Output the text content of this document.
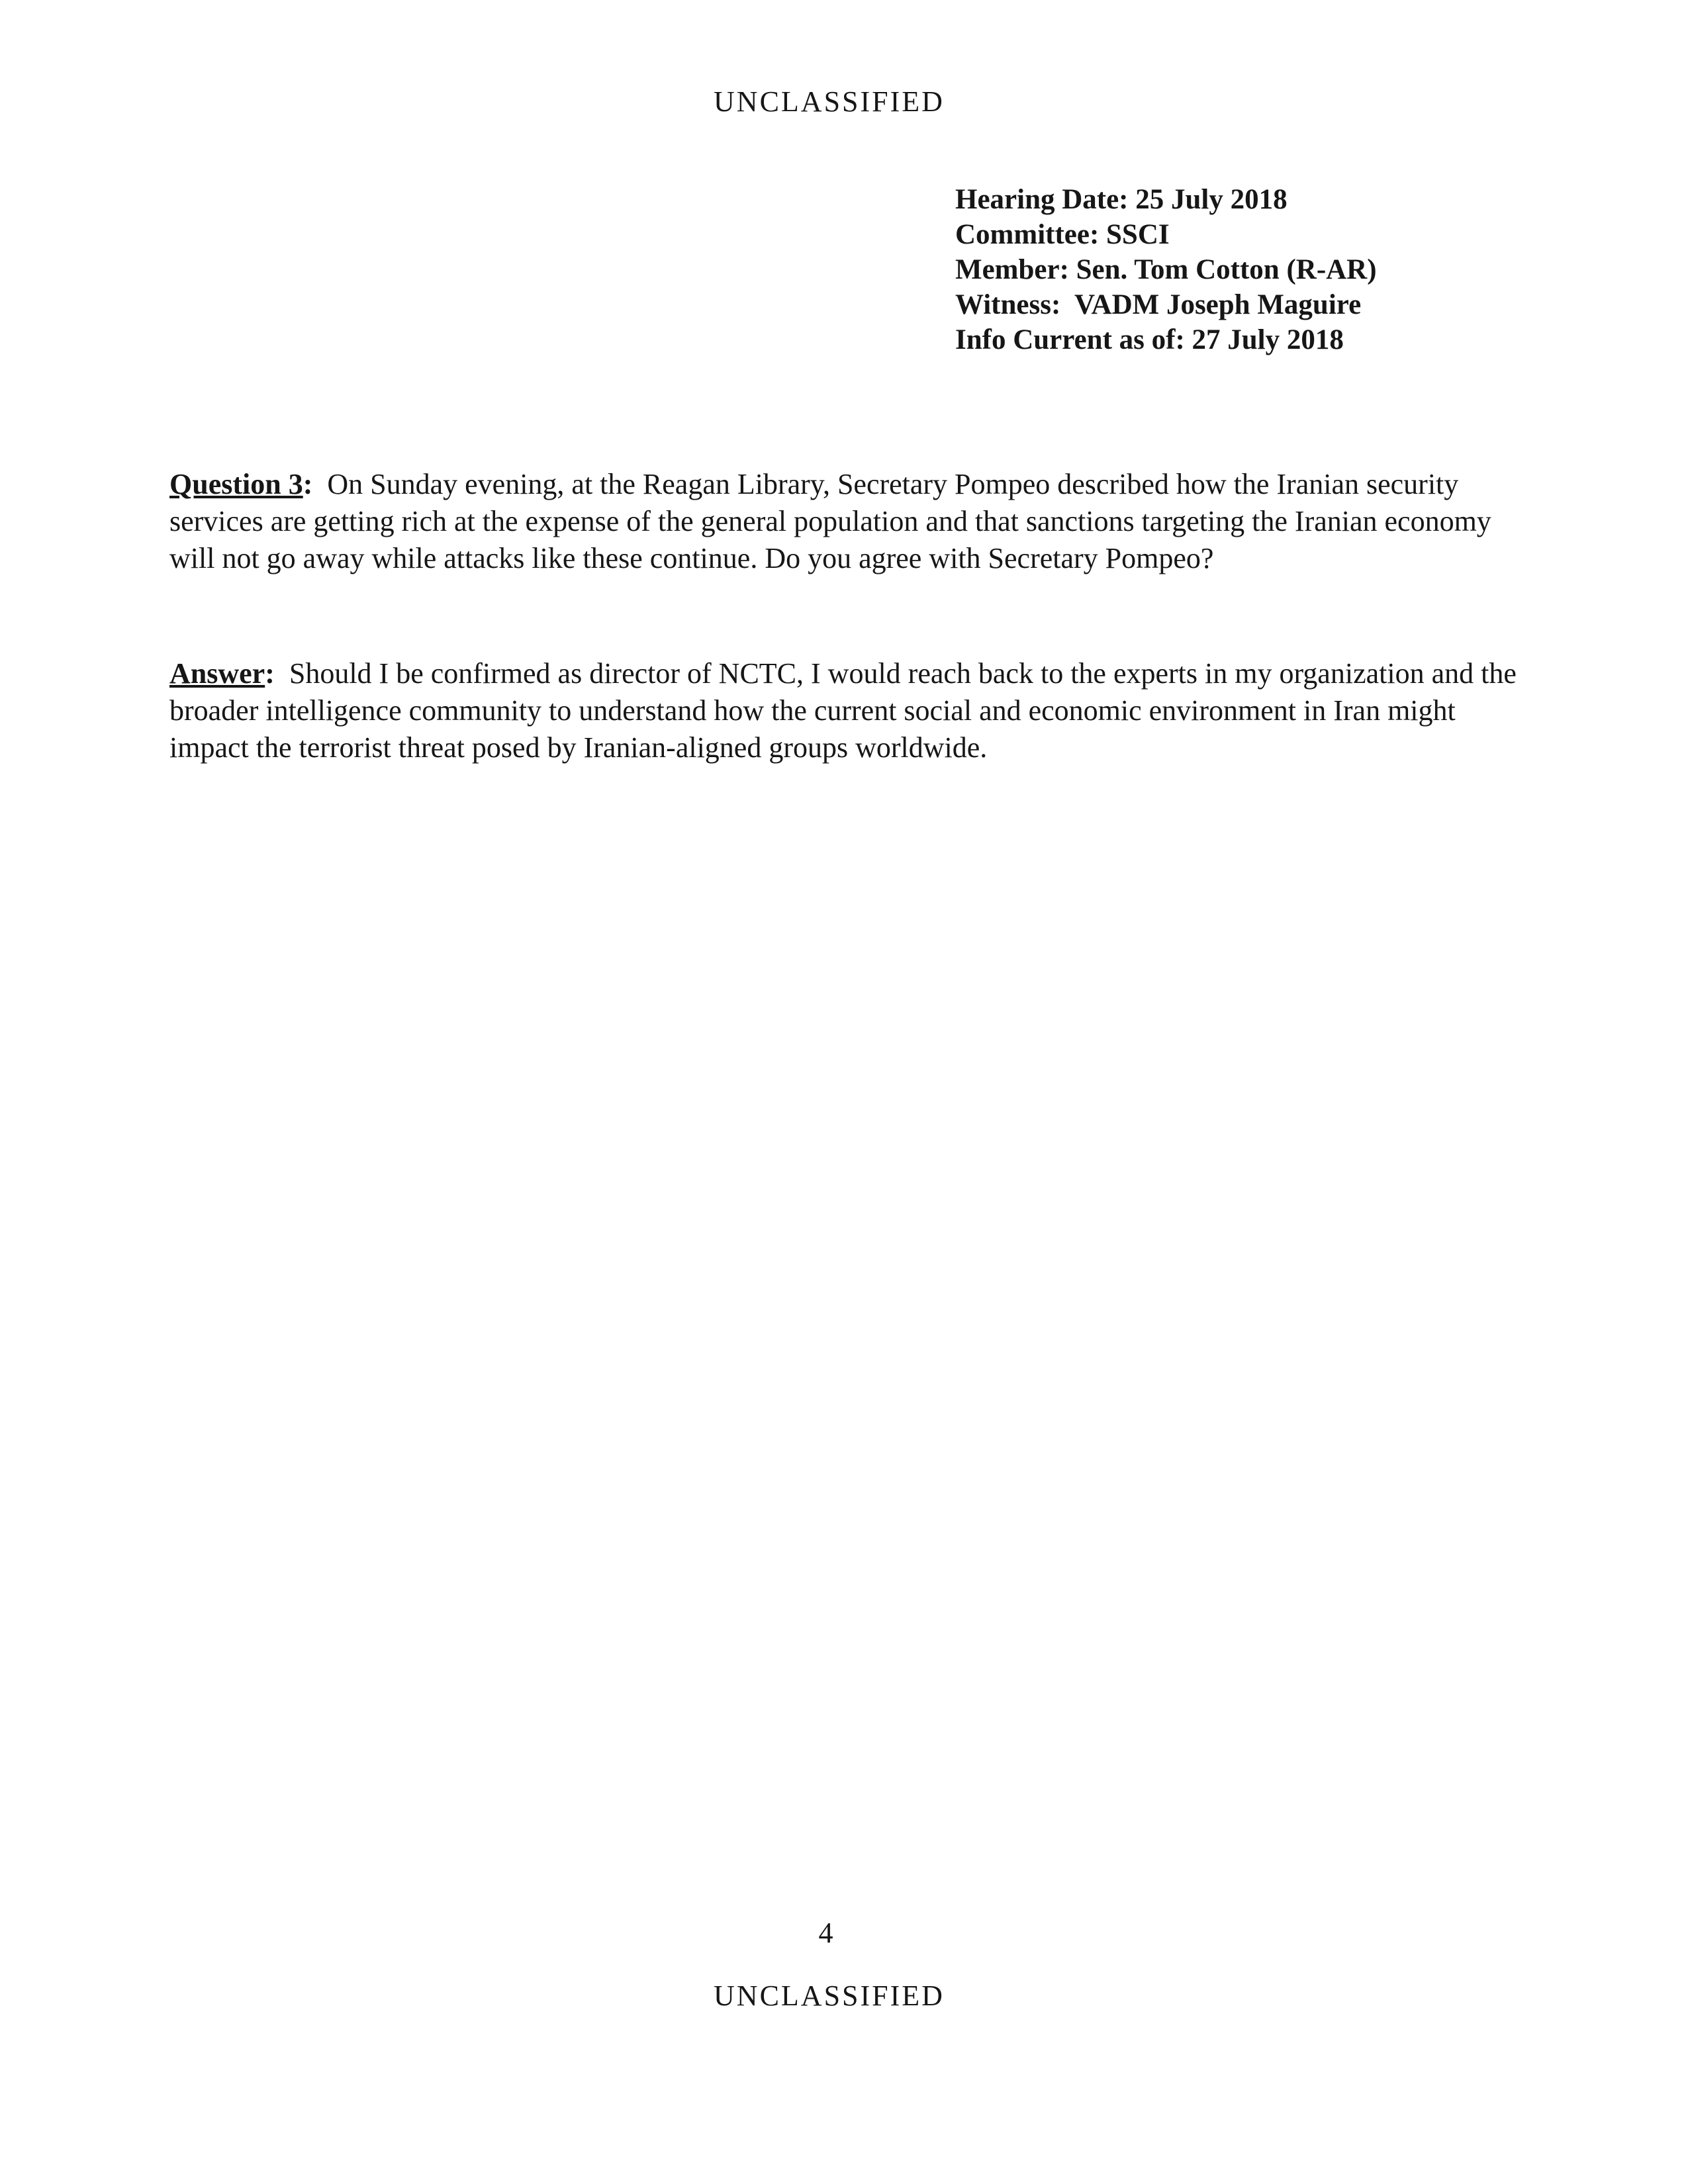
UNCLASSIFIED
Hearing Date: 25 July 2018
Committee: SSCI
Member: Sen. Tom Cotton (R-AR)
Witness:  VADM Joseph Maguire
Info Current as of: 27 July 2018
Question 3: On Sunday evening, at the Reagan Library, Secretary Pompeo described how the Iranian security services are getting rich at the expense of the general population and that sanctions targeting the Iranian economy will not go away while attacks like these continue. Do you agree with Secretary Pompeo?
Answer: Should I be confirmed as director of NCTC, I would reach back to the experts in my organization and the broader intelligence community to understand how the current social and economic environment in Iran might impact the terrorist threat posed by Iranian-aligned groups worldwide.
4
UNCLASSIFIED
